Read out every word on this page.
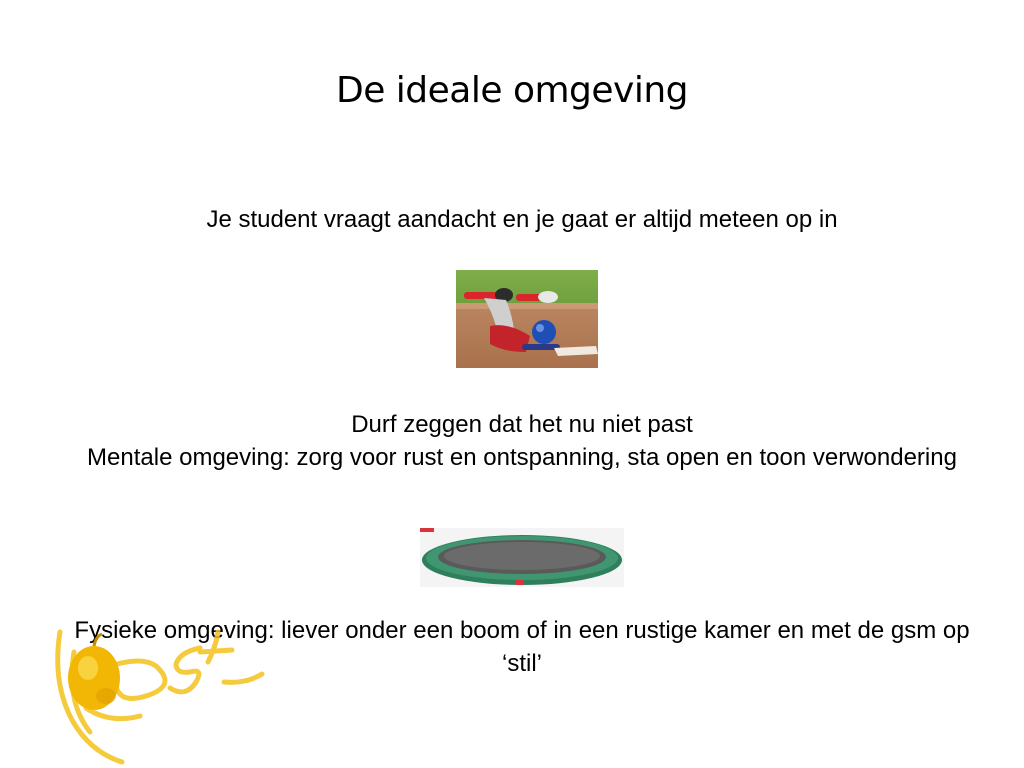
De ideale omgeving
Je student vraagt aandacht en je gaat er altijd meteen op in
Durf zeggen dat het nu niet past
Mentale omgeving: zorg voor rust en ontspanning, sta open en toon verwondering
Fysieke omgeving: liever onder een boom of in een rustige kamer en met de gsm op ‘stil’
